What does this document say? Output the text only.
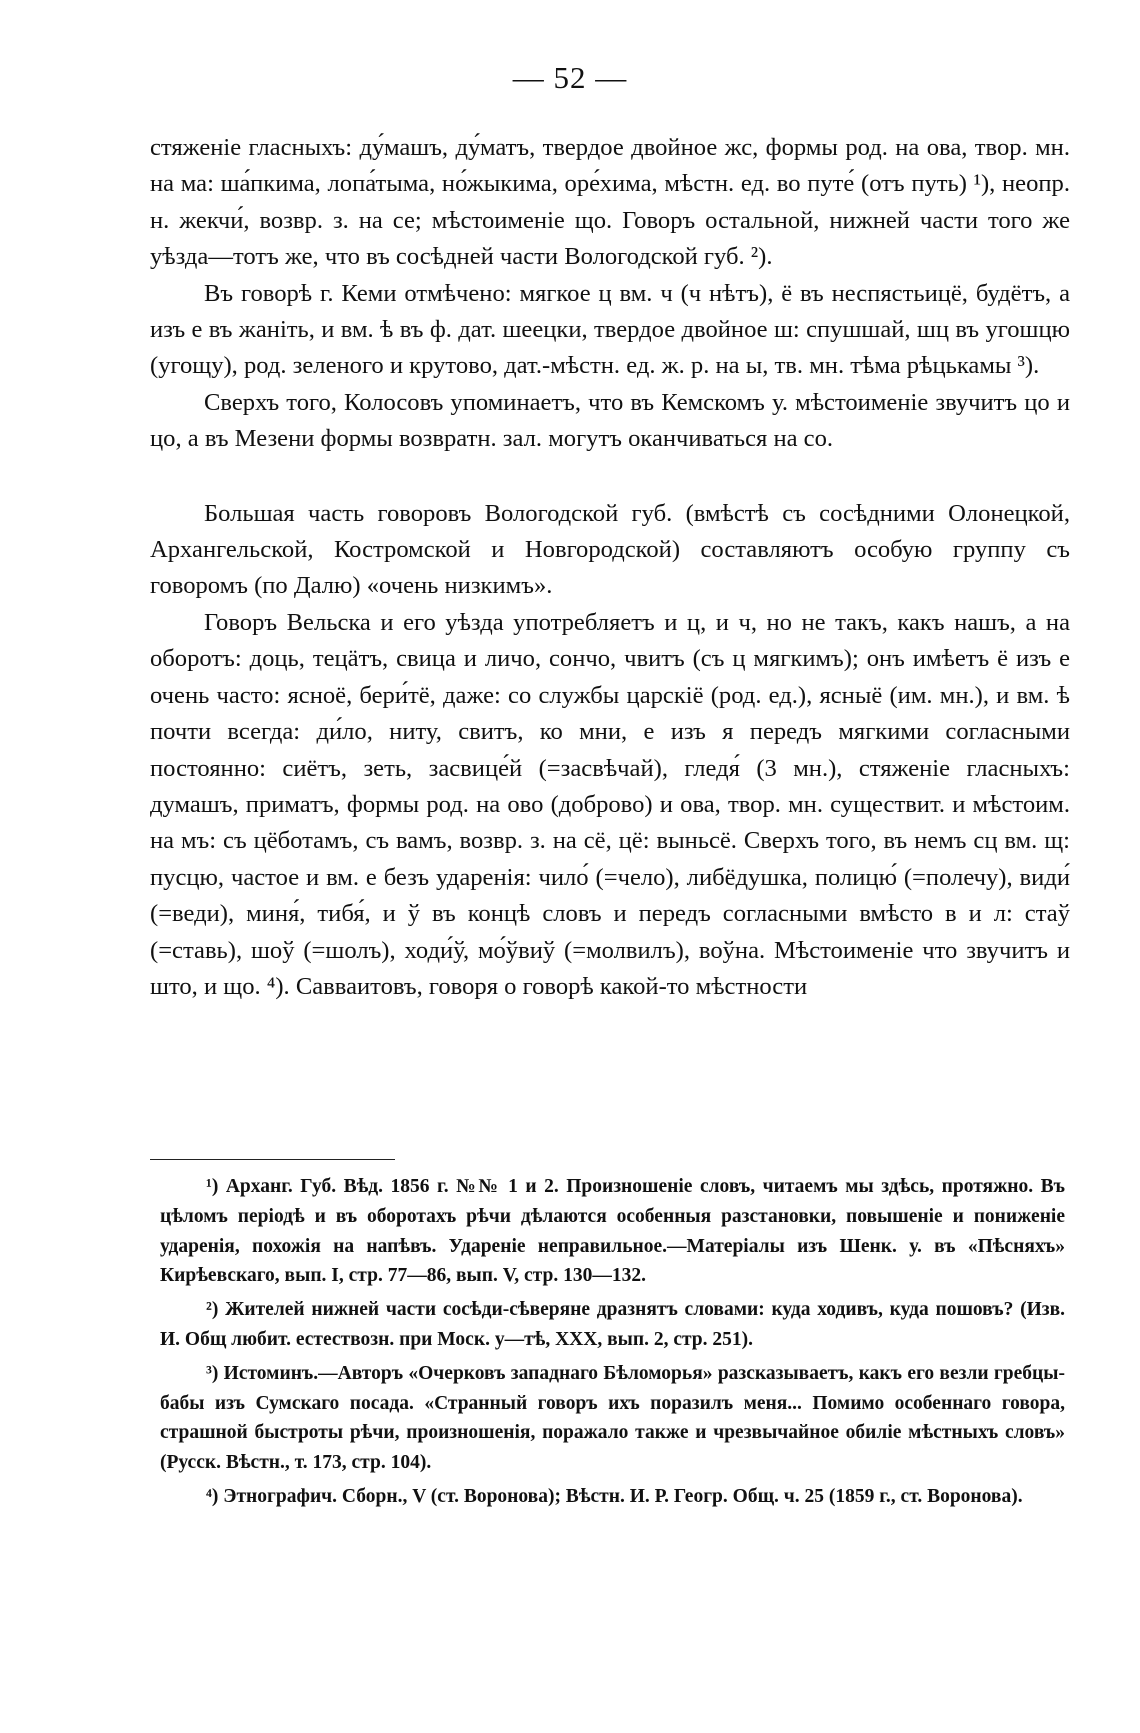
— 52 —

стяженіе гласныхъ: ду́машъ, ду́матъ, твердое двойное жс, формы род. на ова, твор. мн. на ма: ша́пкима, лопа́тыма, но́жыкима, оре́хима, мѣстн. ед. во путе́ (отъ путь) ¹), неопр. н. жекчи́, возвр. з. на се; мѣстоименіе що. Говоръ остальной, нижней части того же уѣзда—тотъ же, что въ сосѣдней части Вологодской губ. ²).

Въ говорѣ г. Кеми отмѣчено: мягкое ц вм. ч (ч нѣтъ), ё въ неспястьицё, будётъ, а изъ е въ жаніть, и вм. ѣ въ ф. дат. шеецки, твердое двойное ш: спушшай, шц въ угошцю (угощу), род. зеленого и крутово, дат.-мѣстн. ед. ж. р. на ы, тв. мн. тѣма рѣцькамы ³).

Сверхъ того, Колосовъ упоминаетъ, что въ Кемскомъ у. мѣстоименіе звучитъ цо и цо, а въ Мезени формы возвратн. зал. могутъ оканчиваться на со.

Большая часть говоровъ Вологодской губ. (вмѣстѣ съ сосѣдними Олонецкой, Архангельской, Костромской и Новгородской) составляютъ особую группу съ говоромъ (по Далю) «очень низкимъ».

Говоръ Вельска и его уѣзда употребляетъ и ц, и ч, но не такъ, какъ нашъ, а на оборотъ: доць, тецӓтъ, свица и личо, сончо, чвитъ (съ ц мягкимъ); онъ имѣетъ ё изъ е очень часто: ясноё, бери́тё, даже: со службы царскіё (род. ед.), ясныё (им. мн.), и вм. ѣ почти всегда: ди́ло, ниту, свитъ, ко мни, е изъ я передъ мягкими согласными постоянно: сиётъ, зеть, засвице́й (=засвѣчай), гледя́ (3 мн.), стяженіе гласныхъ: думашъ, приматъ, формы род. на ово (доброво) и ова, твор. мн. существит. и мѣстоим. на мъ: съ цёботамъ, съ вамъ, возвр. з. на сё, цё: выньсё. Сверхъ того, въ немъ сц вм. щ: пусцю, частое и вм. е безъ ударенія: чило́ (=чело), либёдушка, полицю́ (=полечу), види́ (=веди), миня́, тибя́, и ў въ концѣ словъ и передъ согласными вмѣсто в и л: стаў (=ставь), шоў (=шолъ), ходи́ў, мо́ўвиў (=молвилъ), воўна. Мѣстоименіе что звучитъ и што, и що. ⁴). Савваитовъ, говоря о говорѣ какой-то мѣстности

¹) Арханг. Губ. Вѣд. 1856 г. №№ 1 и 2. Произношеніе словъ, читаемъ мы здѣсь, протяжно. Въ цѣломъ періодѣ и въ оборотахъ рѣчи дѣлаются особенныя разстановки, повышеніе и пониженіе ударенія, похожія на напѣвъ. Удареніе неправильное.—Матеріалы изъ Шенк. у. въ «Пѣсняхъ» Кирѣевскаго, вып. I, стр. 77—86, вып. V, стр. 130—132.

²) Жителей нижней части сосѣди-сѣверяне дразнятъ словами: куда ходивъ, куда пошовъ? (Изв. И. Общ любит. естествозн. при Моск. у—тѣ, XXX, вып. 2, стр. 251).

³) Истоминъ.—Авторъ «Очерковъ западнаго Бѣломорья» разсказываетъ, какъ его везли гребцы-бабы изъ Сумскаго посада. «Странный говоръ ихъ поразилъ меня... Помимо особеннаго говора, страшной быстроты рѣчи, произношенія, поражало также и чрезвычайное обиліе мѣстныхъ словъ» (Русск. Вѣстн., т. 173, стр. 104).

⁴) Этнографич. Сборн., V (ст. Воронова); Вѣстн. И. Р. Геогр. Общ. ч. 25 (1859 г., ст. Воронова).
